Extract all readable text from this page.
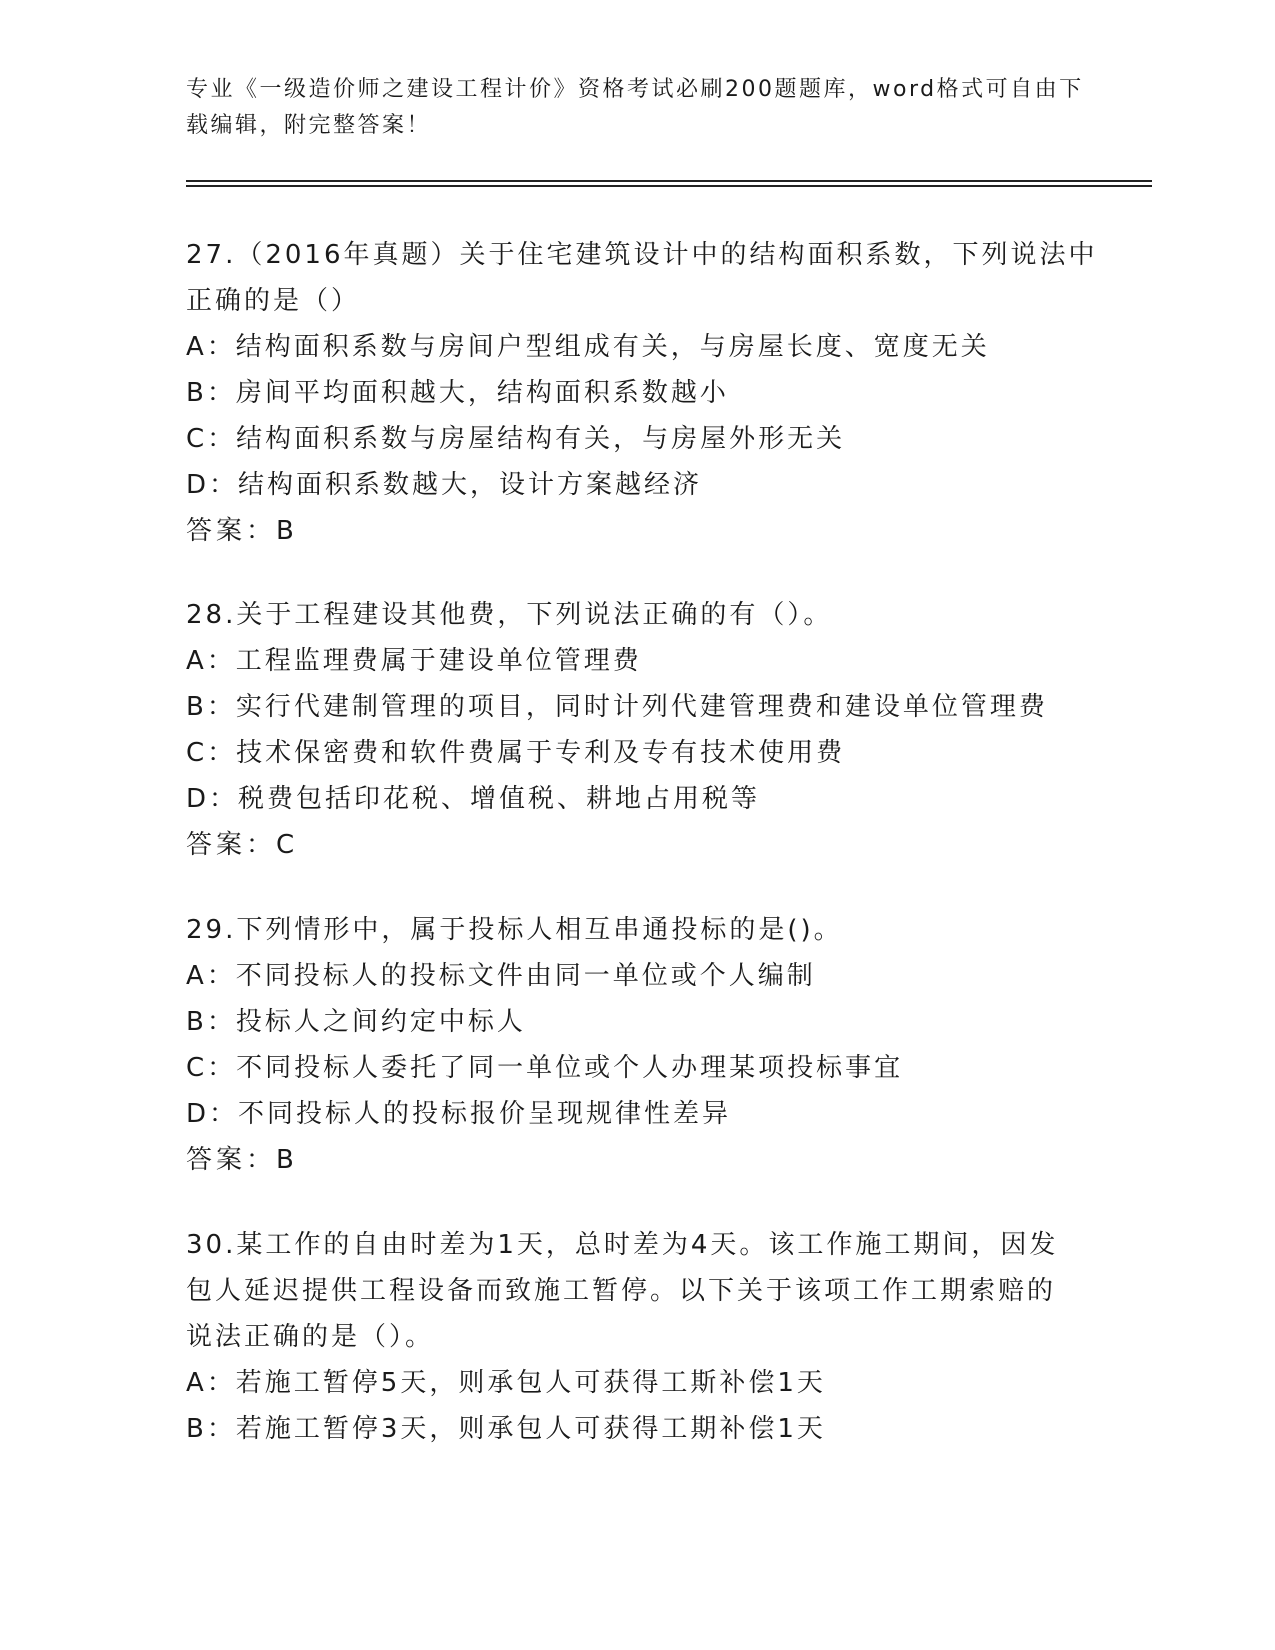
专业《一级造价师之建设工程计价》资格考试必刷200题题库，word格式可自由下载编辑，附完整答案！

27.（2016年真题）关于住宅建筑设计中的结构面积系数，下列说法中
正确的是（）
A：结构面积系数与房间户型组成有关，与房屋长度、宽度无关
B：房间平均面积越大，结构面积系数越小
C：结构面积系数与房屋结构有关，与房屋外形无关
D：结构面积系数越大，设计方案越经济
答案：B
28.关于工程建设其他费，下列说法正确的有（）。
A：工程监理费属于建设单位管理费
B：实行代建制管理的项目，同时计列代建管理费和建设单位管理费
C：技术保密费和软件费属于专利及专有技术使用费
D：税费包括印花税、增值税、耕地占用税等
答案：C
29.下列情形中，属于投标人相互串通投标的是()。
A：不同投标人的投标文件由同一单位或个人编制
B：投标人之间约定中标人
C：不同投标人委托了同一单位或个人办理某项投标事宜
D：不同投标人的投标报价呈现规律性差异
答案：B
30.某工作的自由时差为1天，总时差为4天。该工作施工期间，因发
包人延迟提供工程设备而致施工暂停。以下关于该项工作工期索赔的
说法正确的是（）。
A：若施工暂停5天，则承包人可获得工斯补偿1天
B：若施工暂停3天，则承包人可获得工期补偿1天
